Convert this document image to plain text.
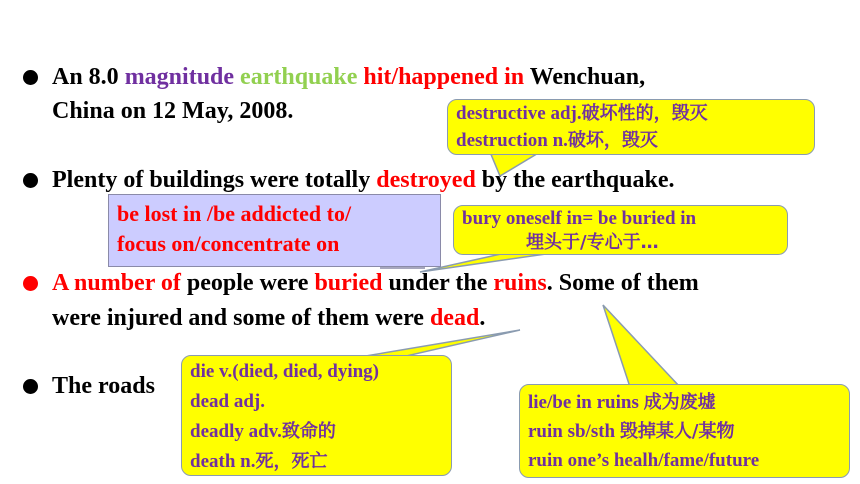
An 8.0 magnitude earthquake hit/happened in Wenchuan,
China on 12 May, 2008.
Plenty of buildings were totally destroyed by the earthquake.
A number of people were buried under the ruins. Some of them
were injured and some of them were dead.
The roads
destructive adj.破坏性的，毁灭
destruction n.破坏，毁灭
be lost in /be addicted to/
focus on/concentrate on
bury oneself in= be buried in
埋头于/专心于…
die v.(died, died, dying)
dead adj.
deadly adv.致命的
death n.死，死亡
lie/be in ruins 成为废墟
ruin sb/sth 毁掉某人/某物
ruin one’s healh/fame/future
